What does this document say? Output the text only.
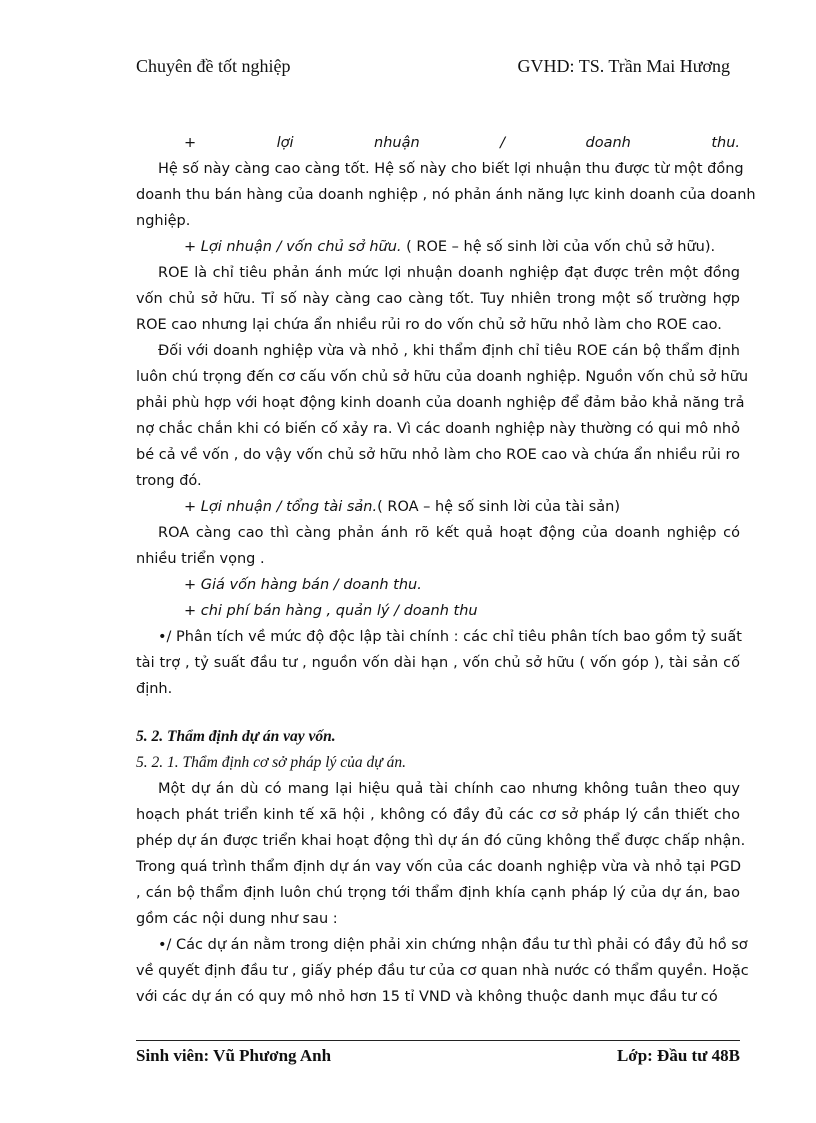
Chuyên đề tốt nghiệp	GVHD: TS. Trần Mai Hương
+	lợi	nhuận	/	doanh	thu.
Hệ số này càng cao càng tốt. Hệ số này cho biết lợi nhuận thu được từ một đồng
doanh thu bán hàng của doanh nghiệp , nó phản ánh năng lực kinh doanh của doanh
nghiệp.
+ Lợi nhuận / vốn chủ sở hữu. ( ROE – hệ số sinh lời của vốn chủ sở hữu).
ROE là chỉ tiêu phản ánh mức lợi nhuận doanh nghiệp đạt được trên một đồng
vốn chủ sở hữu. Tỉ số này càng cao càng tốt. Tuy nhiên trong một số trường hợp
ROE cao nhưng lại chứa ẩn nhiều rủi ro do vốn chủ sở hữu nhỏ làm cho ROE cao.
Đối với doanh nghiệp vừa và nhỏ , khi thẩm định chỉ tiêu ROE cán bộ thẩm định
luôn chú trọng đến cơ cấu vốn chủ sở hữu của doanh nghiệp. Nguồn vốn chủ sở hữu
phải phù hợp với hoạt động kinh doanh của doanh nghiệp để đảm bảo khả năng trả
nợ chắc chắn khi có biến cố xảy ra. Vì các doanh nghiệp này thường có qui mô nhỏ
bé cả về vốn , do vậy vốn chủ sở hữu nhỏ làm cho ROE cao và chứa ẩn nhiều rủi ro
trong đó.
+ Lợi nhuận / tổng tài sản.( ROA – hệ số sinh lời của tài sản)
ROA càng cao thì càng phản ánh rõ kết quả hoạt động của doanh nghiệp có
nhiều triển vọng .
+ Giá vốn hàng bán / doanh thu.
+ chi phí bán hàng , quản lý / doanh thu
•/ Phân tích về mức độ độc lập tài chính : các chỉ tiêu phân tích bao gồm tỷ suất
tài trợ , tỷ suất đầu tư , nguồn vốn dài hạn , vốn chủ sở hữu ( vốn góp ), tài sản cố
định.
5. 2. Thẩm định dự án vay vốn.
5. 2. 1. Thẩm định cơ sở pháp lý của dự án.
Một dự án dù có mang lại hiệu quả tài chính cao nhưng không tuân theo quy
hoạch phát triển kinh tế xã hội , không có đầy đủ các cơ sở pháp lý cần thiết cho
phép dự án được triển khai hoạt động thì dự án đó cũng không thể được chấp nhận.
Trong quá trình thẩm định dự án vay vốn của các doanh nghiệp vừa và nhỏ tại PGD
, cán bộ thẩm định luôn chú trọng tới thẩm định khía cạnh pháp lý của dự án, bao
gồm các nội dung như sau :
•/ Các dự án nằm trong diện phải xin chứng nhận đầu tư thì phải có đầy đủ hồ sơ
về quyết định đầu tư , giấy phép đầu tư của cơ quan nhà nước có thẩm quyền. Hoặc
với các dự án có quy mô nhỏ hơn 15 tỉ VND và không thuộc danh mục đầu tư có
Sinh viên: Vũ Phương Anh	Lớp: Đầu tư 48B
